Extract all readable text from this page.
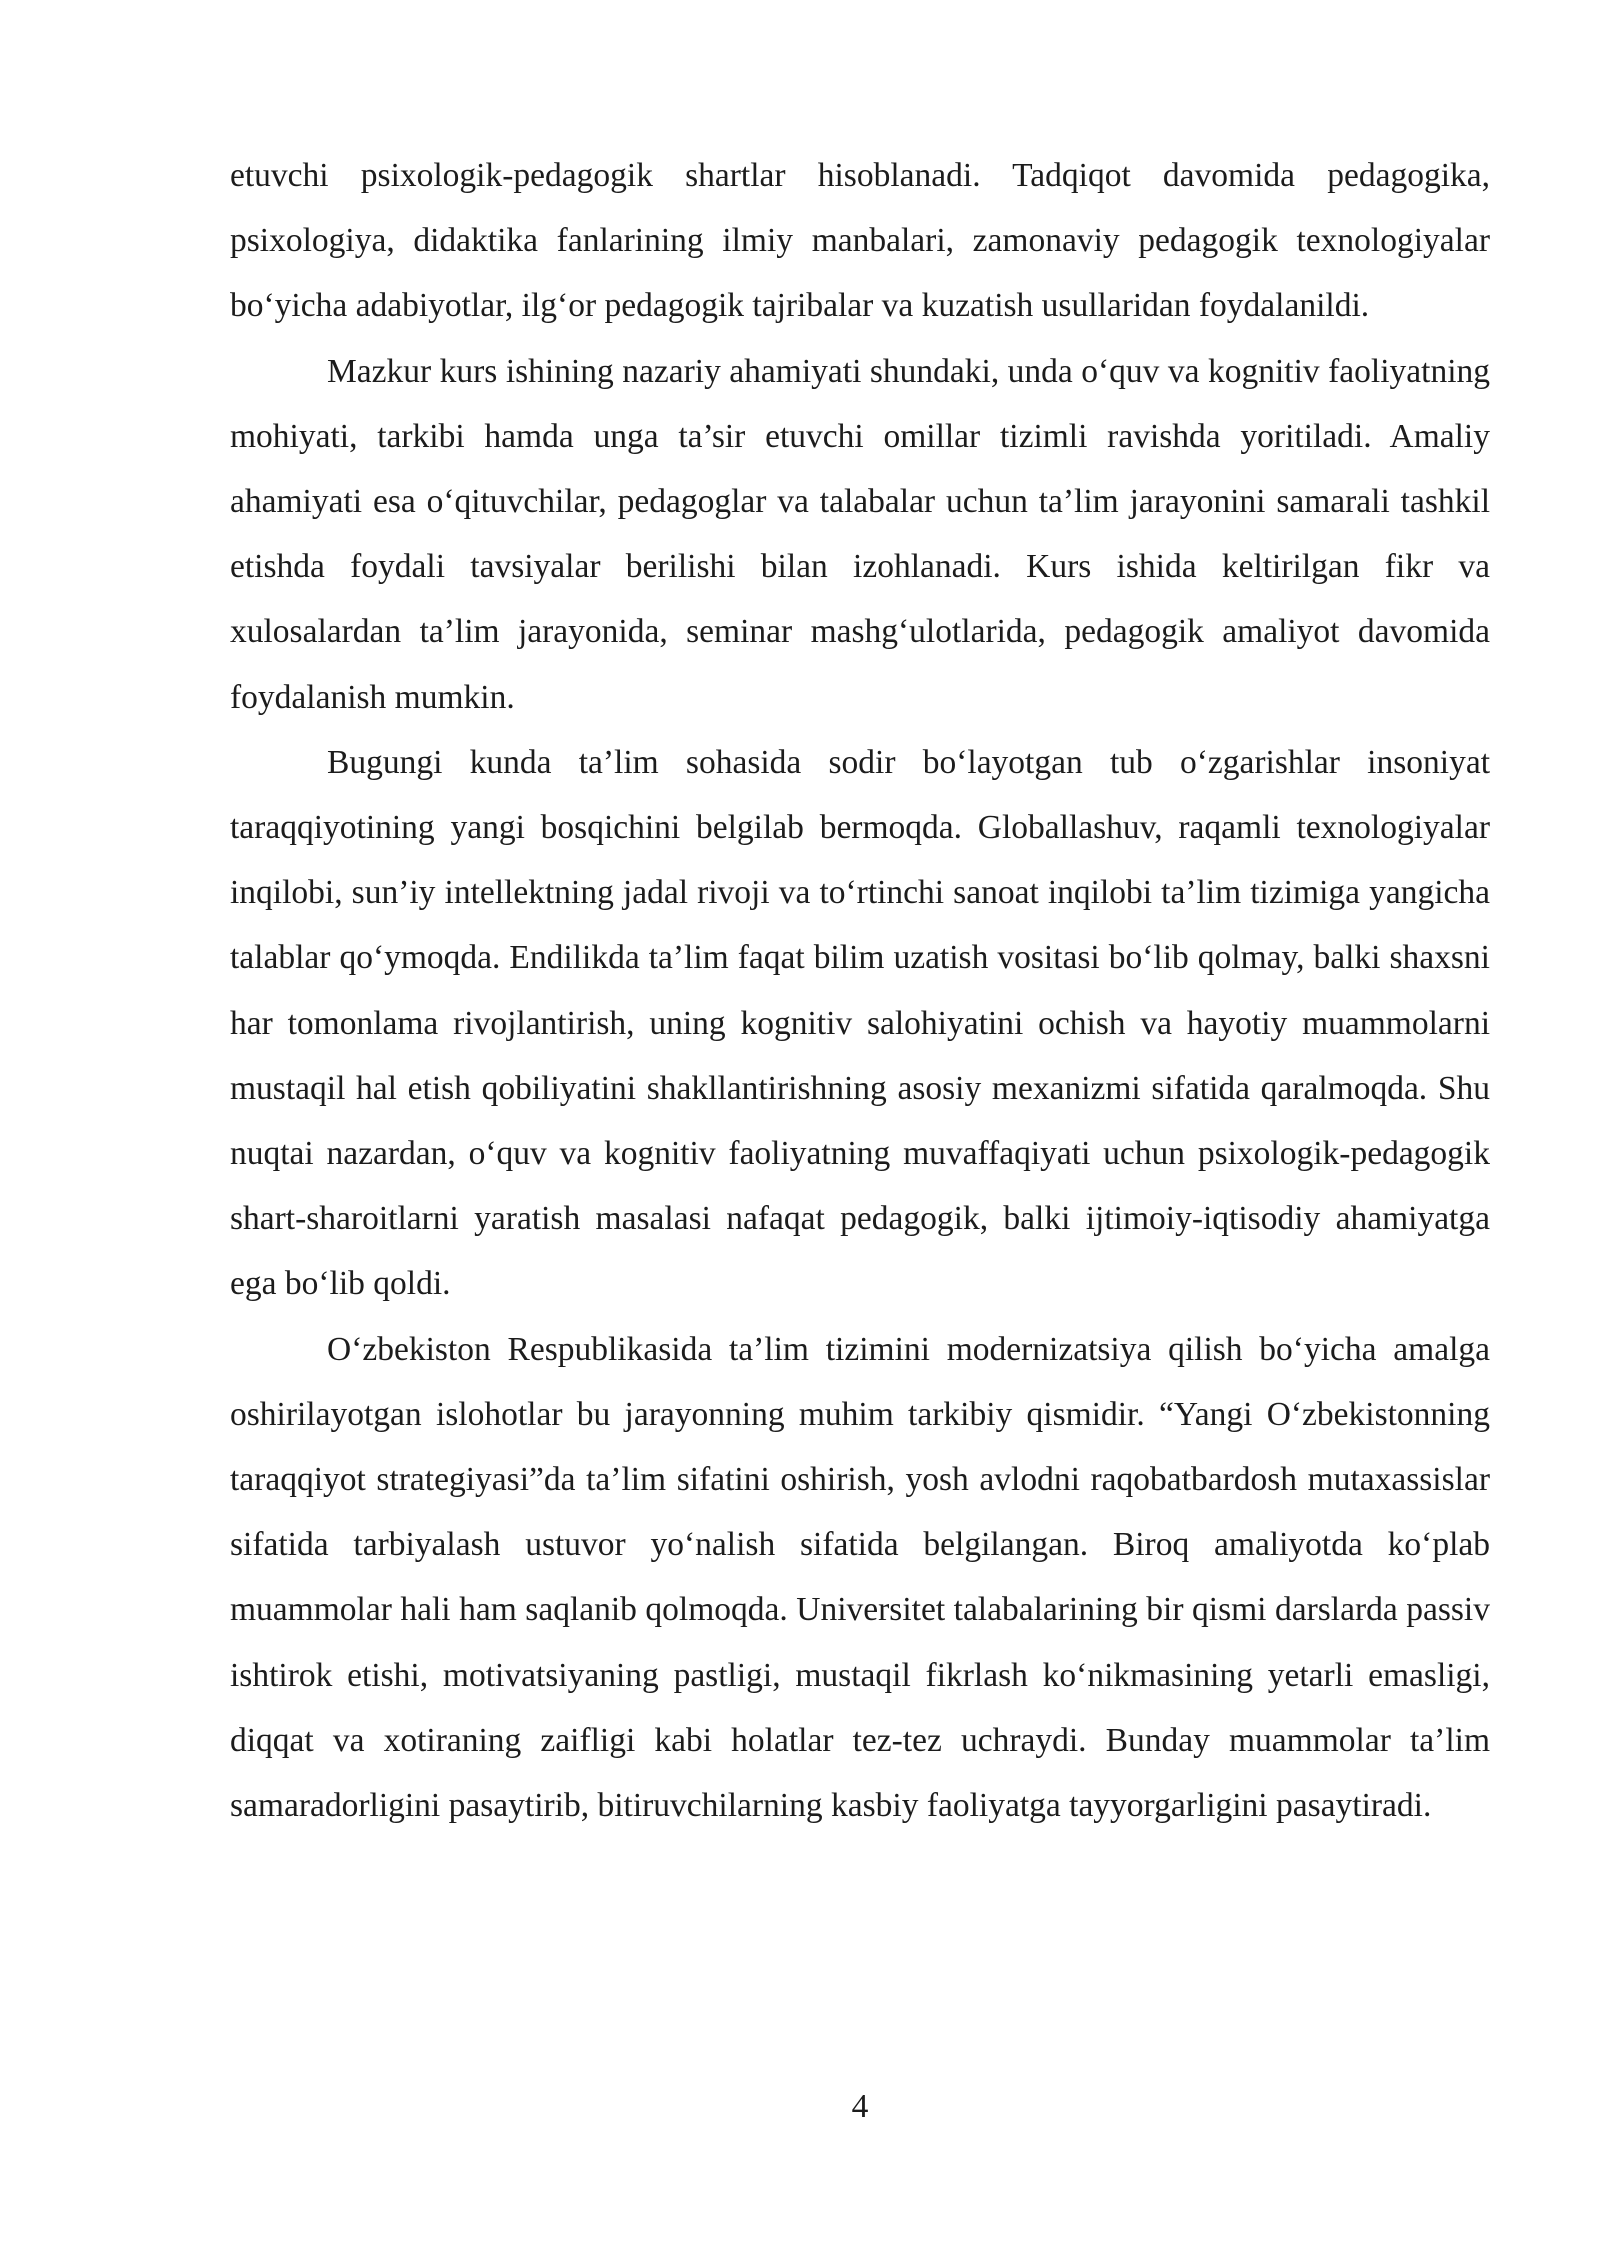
etuvchi psixologik-pedagogik shartlar hisoblanadi. Tadqiqot davomida pedagogika, psixologiya, didaktika fanlarining ilmiy manbalari, zamonaviy pedagogik texnologiyalar bo‘yicha adabiyotlar, ilg‘or pedagogik tajribalar va kuzatish usullaridan foydalanildi.

Mazkur kurs ishining nazariy ahamiyati shundaki, unda o‘quv va kognitiv faoliyatning mohiyati, tarkibi hamda unga ta’sir etuvchi omillar tizimli ravishda yoritiladi. Amaliy ahamiyati esa o‘qituvchilar, pedagoglar va talabalar uchun ta’lim jarayonini samarali tashkil etishda foydali tavsiyalar berilishi bilan izohlanadi. Kurs ishida keltirilgan fikr va xulosalardan ta’lim jarayonida, seminar mashg‘ulotlarida, pedagogik amaliyot davomida foydalanish mumkin.

Bugungi kunda ta’lim sohasida sodir bo‘layotgan tub o‘zgarishlar insoniyat taraqqiyotining yangi bosqichini belgilab bermoqda. Globallashuv, raqamli texnologiyalar inqilobi, sun’iy intellektning jadal rivoji va to‘rtinchi sanoat inqilobi ta’lim tizimiga yangicha talablar qo‘ymoqda. Endilikda ta’lim faqat bilim uzatish vositasi bo‘lib qolmay, balki shaxsni har tomonlama rivojlantirish, uning kognitiv salohiyatini ochish va hayotiy muammolarni mustaqil hal etish qobiliyatini shakllantirishning asosiy mexanizmi sifatida qaralmoqda. Shu nuqtai nazardan, o‘quv va kognitiv faoliyatning muvaffaqiyati uchun psixologik-pedagogik shart-sharoitlarni yaratish masalasi nafaqat pedagogik, balki ijtimoiy-iqtisodiy ahamiyatga ega bo‘lib qoldi.

O‘zbekiston Respublikasida ta’lim tizimini modernizatsiya qilish bo‘yicha amalga oshirilayotgan islohotlar bu jarayonning muhim tarkibiy qismidir. “Yangi O‘zbekistonning taraqqiyot strategiyasi”da ta’lim sifatini oshirish, yosh avlodni raqobatbardosh mutaxassislar sifatida tarbiyalash ustuvor yo‘nalish sifatida belgilangan. Biroq amaliyotda ko‘plab muammolar hali ham saqlanib qolmoqda. Universitet talabalarining bir qismi darslarda passiv ishtirok etishi, motivatsiyaning pastligi, mustaqil fikrlash ko‘nikmasining yetarli emasligi, diqqat va xotiraning zaifligi kabi holatlar tez-tez uchraydi. Bunday muammolar ta’lim samaradorligini pasaytirib, bitiruvchilarning kasbiy faoliyatga tayyorgarligini pasaytiradi.

4
